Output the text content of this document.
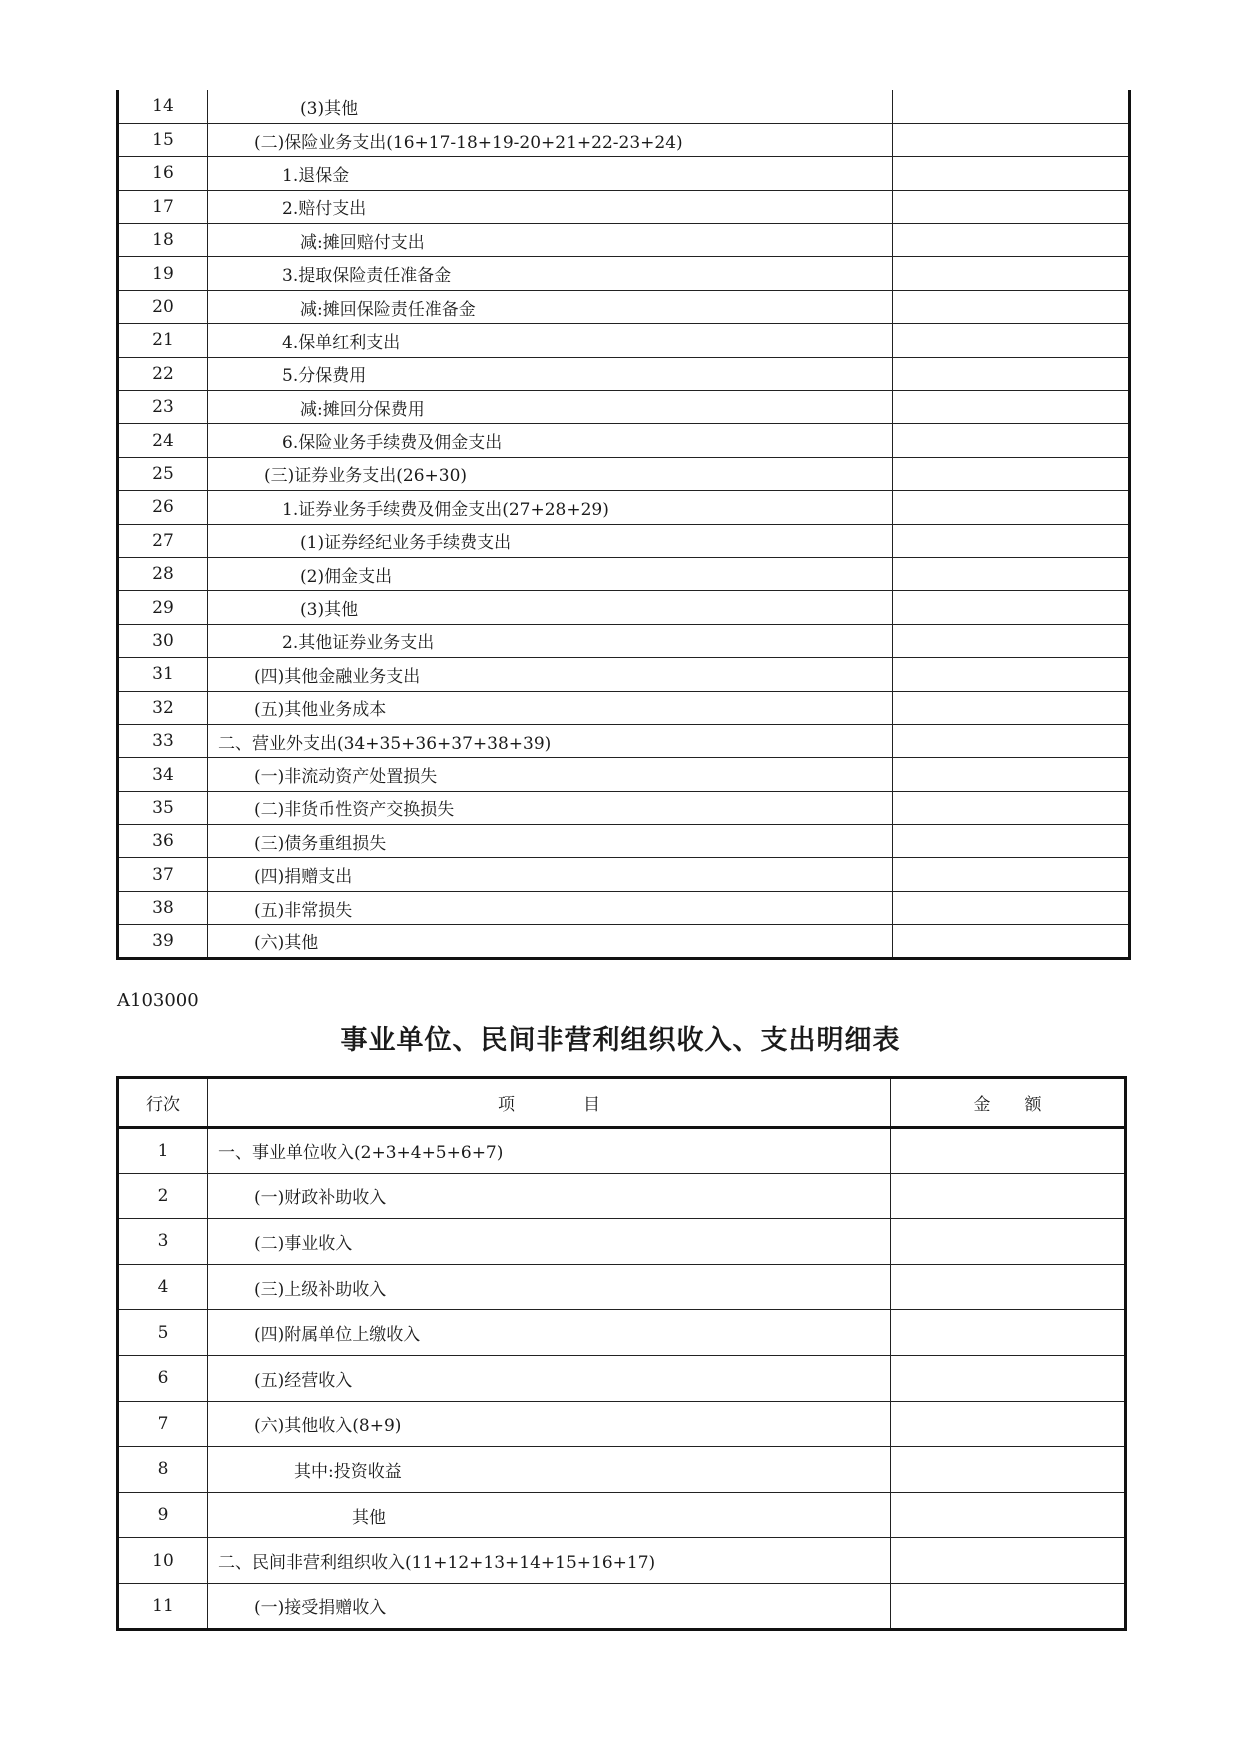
14	(3)其他	
15	(二)保险业务支出(16+17-18+19-20+21+22-23+24)	
16	1.退保金	
17	2.赔付支出	
18	减:摊回赔付支出	
19	3.提取保险责任准备金	
20	减:摊回保险责任准备金	
21	4.保单红利支出	
22	5.分保费用	
23	减:摊回分保费用	
24	6.保险业务手续费及佣金支出	
25	(三)证券业务支出(26+30)	
26	1.证券业务手续费及佣金支出(27+28+29)	
27	(1)证券经纪业务手续费支出	
28	(2)佣金支出	
29	(3)其他	
30	2.其他证券业务支出	
31	(四)其他金融业务支出	
32	(五)其他业务成本	
33	二、营业外支出(34+35+36+37+38+39)	
34	(一)非流动资产处置损失	
35	(二)非货币性资产交换损失	
36	(三)债务重组损失	
37	(四)捐赠支出	
38	(五)非常损失	
39	(六)其他	
A103000
事业单位、民间非营利组织收入、支出明细表
行次	项　　　　目	金　　额
1	一、事业单位收入(2+3+4+5+6+7)	
2	(一)财政补助收入	
3	(二)事业收入	
4	(三)上级补助收入	
5	(四)附属单位上缴收入	
6	(五)经营收入	
7	(六)其他收入(8+9)	
8	其中:投资收益	
9	其他	
10	二、民间非营利组织收入(11+12+13+14+15+16+17)	
11	(一)接受捐赠收入	
